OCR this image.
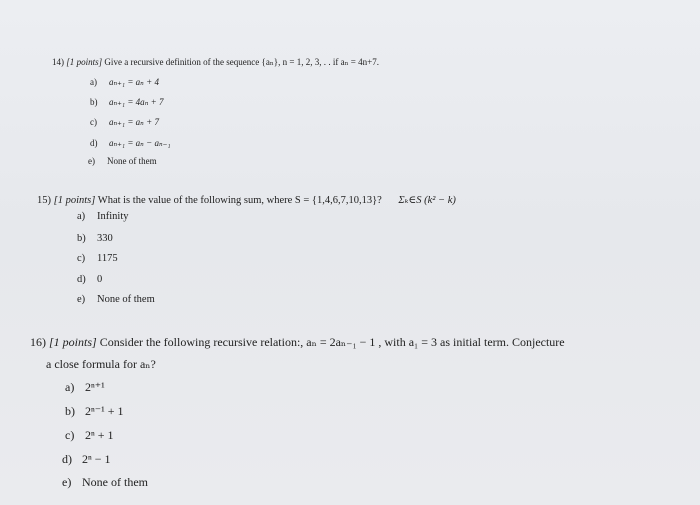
14) [1 points] Give a recursive definition of the sequence {aₙ}, n = 1, 2, 3, . . if aₙ = 4n+7.
a) aₙ₊₁ = aₙ + 4
b) aₙ₊₁ = 4aₙ + 7
c) aₙ₊₁ = aₙ + 7
d) aₙ₊₁ = aₙ − aₙ₋₁
e) None of them
15) [1 points] What is the value of the following sum, where S = {1,4,6,7,10,13}? Σₖ∈S (k² − k)
a) Infinity
b) 330
c) 1175
d) 0
e) None of them
16) [1 points] Consider the following recursive relation:, aₙ = 2aₙ₋₁ − 1 , with a₁ = 3 as initial term. Conjecture
a close formula for aₙ?
a) 2ⁿ⁺¹
b) 2ⁿ⁻¹ + 1
c) 2ⁿ + 1
d) 2ⁿ − 1
e) None of them
